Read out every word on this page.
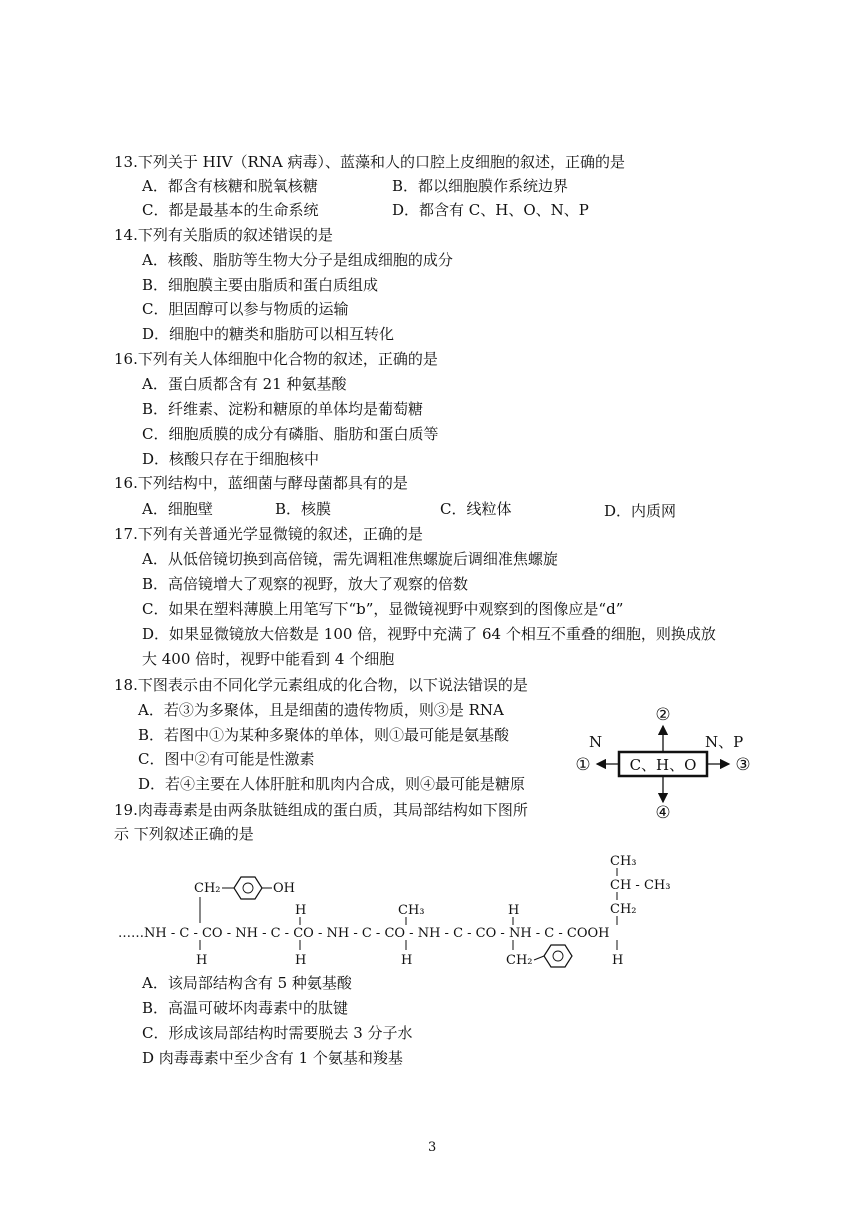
13.下列关于 HIV（RNA 病毒）、蓝藻和人的口腔上皮细胞的叙述，正确的是
A．都含有核糖和脱氧核糖	B．都以细胞膜作系统边界
C．都是最基本的生命系统	D．都含有 C、H、O、N、P
14.下列有关脂质的叙述错误的是
A．核酸、脂肪等生物大分子是组成细胞的成分
B．细胞膜主要由脂质和蛋白质组成
C．胆固醇可以参与物质的运输
D．细胞中的糖类和脂肪可以相互转化
16.下列有关人体细胞中化合物的叙述，正确的是
A．蛋白质都含有 21 种氨基酸
B．纤维素、淀粉和糖原的单体均是葡萄糖
C．细胞质膜的成分有磷脂、脂肪和蛋白质等
D．核酸只存在于细胞核中
16.下列结构中，蓝细菌与酵母菌都具有的是
A．细胞壁	B．核膜	C．线粒体	D．内质网
17.下列有关普通光学显微镜的叙述，正确的是
A．从低倍镜切换到高倍镜，需先调粗准焦螺旋后调细准焦螺旋
B．高倍镜增大了观察的视野，放大了观察的倍数
C．如果在塑料薄膜上用笔写下“b”，显微镜视野中观察到的图像应是“d”
D．如果显微镜放大倍数是 100 倍，视野中充满了 64 个相互不重叠的细胞，则换成放
大 400 倍时，视野中能看到 4 个细胞
18.下图表示由不同化学元素组成的化合物，以下说法错误的是
A．若③为多聚体，且是细菌的遗传物质，则③是 RNA
B．若图中①为某种多聚体的单体，则①最可能是氨基酸
C．图中②有可能是性激素
D．若④主要在人体肝脏和肌肉内合成，则④最可能是糖原
C、H、O
②
④
①	③
N	N、P
19.肉毒毒素是由两条肽链组成的蛋白质，其局部结构如下图所
示 下列叙述正确的是
……NH - C - CO - NH - C - CO - NH - C - CO - NH - C - CO - NH - C - COOH
CH₂	OH
H
H
H
CH₃
H
H
CH₂
CH₃
CH - CH₃
CH₂
H
A．该局部结构含有 5 种氨基酸
B．高温可破坏肉毒素中的肽键
C．形成该局部结构时需要脱去 3 分子水
D 肉毒毒素中至少含有 1 个氨基和羧基
3
